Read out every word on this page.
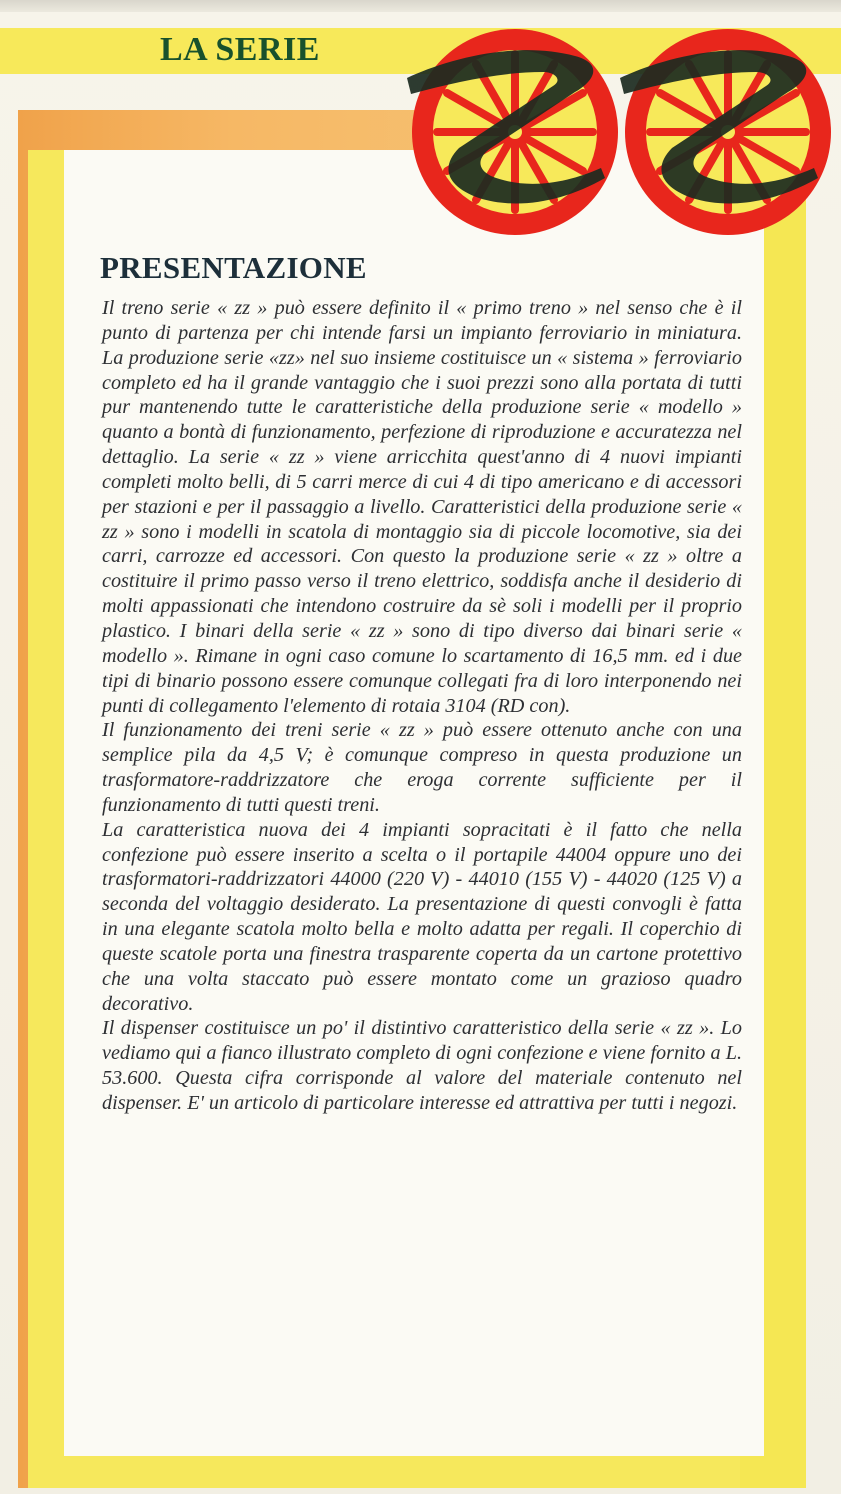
LA SERIE
PRESENTAZIONE

Il treno serie « zz » può essere definito il « primo treno » nel senso che è il punto di partenza per chi intende farsi un impianto ferroviario in miniatura. La produzione serie «zz» nel suo insieme costituisce un « sistema » ferroviario completo ed ha il grande vantaggio che i suoi prezzi sono alla portata di tutti pur mantenendo tutte le caratteristiche della produzione serie « modello » quanto a bontà di funzionamento, perfezione di riproduzione e accuratezza nel dettaglio. La serie « zz » viene arricchita quest'anno di 4 nuovi impianti completi molto belli, di 5 carri merce di cui 4 di tipo americano e di accessori per stazioni e per il passaggio a livello. Caratteristici della produzione serie « zz » sono i modelli in scatola di montaggio sia di piccole locomotive, sia dei carri, carrozze ed accessori. Con questo la produzione serie « zz » oltre a costituire il primo passo verso il treno elettrico, soddisfa anche il desiderio di molti appassionati che intendono costruire da sè soli i modelli per il proprio plastico. I binari della serie « zz » sono di tipo diverso dai binari serie « modello ». Rimane in ogni caso comune lo scartamento di 16,5 mm. ed i due tipi di binario possono essere comunque collegati fra di loro interponendo nei punti di collegamento l'elemento di rotaia 3104 (RD con).

Il funzionamento dei treni serie « zz » può essere ottenuto anche con una semplice pila da 4,5 V; è comunque compreso in questa produzione un trasformatore-raddrizzatore che eroga corrente sufficiente per il funzionamento di tutti questi treni.

La caratteristica nuova dei 4 impianti sopracitati è il fatto che nella confezione può essere inserito a scelta o il portapile 44004 oppure uno dei trasformatori-raddrizzatori 44000 (220 V) - 44010 (155 V) - 44020 (125 V) a seconda del voltaggio desiderato. La presentazione di questi convogli è fatta in una elegante scatola molto bella e molto adatta per regali. Il coperchio di queste scatole porta una finestra trasparente coperta da un cartone protettivo che una volta staccato può essere montato come un grazioso quadro decorativo.

Il dispenser costituisce un po' il distintivo caratteristico della serie « zz ». Lo vediamo qui a fianco illustrato completo di ogni confezione e viene fornito a L. 53.600. Questa cifra corrisponde al valore del materiale contenuto nel dispenser. E' un articolo di particolare interesse ed attrattiva per tutti i negozi.
